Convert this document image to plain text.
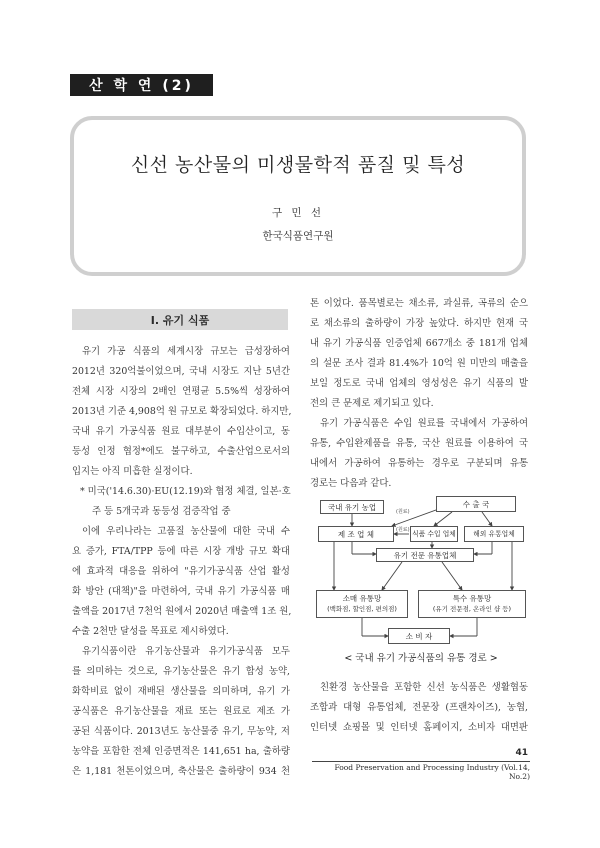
산 학 연 (2)
신선 농산물의 미생물학적 품질 및 특성
구 민 선
한국식품연구원
Ⅰ. 유기 식품

유기 가공 식품의 세계시장 규모는 급성장하여

2012년 320억불이었으며, 국내 시장도 지난 5년간

전체 시장 시장의 2배인 연평균 5.5%씩 성장하여

2013년 기준 4,908억 원 규모로 확장되었다. 하지만,

국내 유기 가공식품 원료 대부분이 수입산이고, 동

등성 인정 협정*에도 불구하고, 수출산업으로서의

입지는 아직 미흡한 실정이다.

* 미국('14.6.30)·EU(12.19)와 협정 체결, 일본·호

주 등 5개국과 동등성 검증작업 중

이에 우리나라는 고품질 농산물에 대한 국내 수

요 증가, FTA/TPP 등에 따른 시장 개방 규모 확대

에 효과적 대응을 위하여 "유기가공식품 산업 활성

화 방안 (대책)"을 마련하여, 국내 유기 가공식품 매

출액을 2017년 7천억 원에서 2020년 매출액 1조 원,

수출 2천만 달성을 목표로 제시하였다.

유기식품이란 유기농산물과 유기가공식품 모두

를 의미하는 것으로, 유기농산물은 유기 합성 농약,

화학비료 없이 재배된 생산물을 의미하며, 유기 가

공식품은 유기농산물을 재료 또는 원료로 제조 가

공된 식품이다. 2013년도 농산물중 유기, 무농약, 저

농약을 포함한 전체 인증면적은 141,651 ha, 출하량

은 1,181 천톤이었으며, 축산물은 출하량이 934 천

톤 이었다. 품목별로는 채소류, 과실류, 곡류의 순으

로 채소류의 출하량이 가장 높았다. 하지만 현재 국

내 유기 가공식품 인증업체 667개소 중 181개 업체

의 설문 조사 결과 81.4%가 10억 원 미만의 매출을

보일 정도로 국내 업체의 영성성은 유기 식품의 발

전의 큰 문제로 제기되고 있다.

유기 가공식품은 수입 원료를 국내에서 가공하여

유통, 수입완제품을 유통, 국산 원료를 이용하여 국

내에서 가공하여 유통하는 경우로 구분되며 유통

경로는 다음과 같다.

국내 유기 농업	수 출 국
(원료)
제 조 업 체	(원료) 식품 수입 업체	해외 유통업체
유기 전문 유통업체
소매 유통망
(백화점, 할인점, 편의점)
특수 유통망
(유기 전문점, 온라인 샵 등)
소 비 자
< 국내 유기 가공식품의 유통 경로 >

친환경 농산물을 포함한 신선 농식품은 생활협동

조합과 대형 유통업체, 전문장 (프랜차이즈), 농협,

인터넷 쇼핑몰 및 인터넷 홈페이지, 소비자 대면판

41
Food Preservation and Processing Industry (Vol.14, No.2)
